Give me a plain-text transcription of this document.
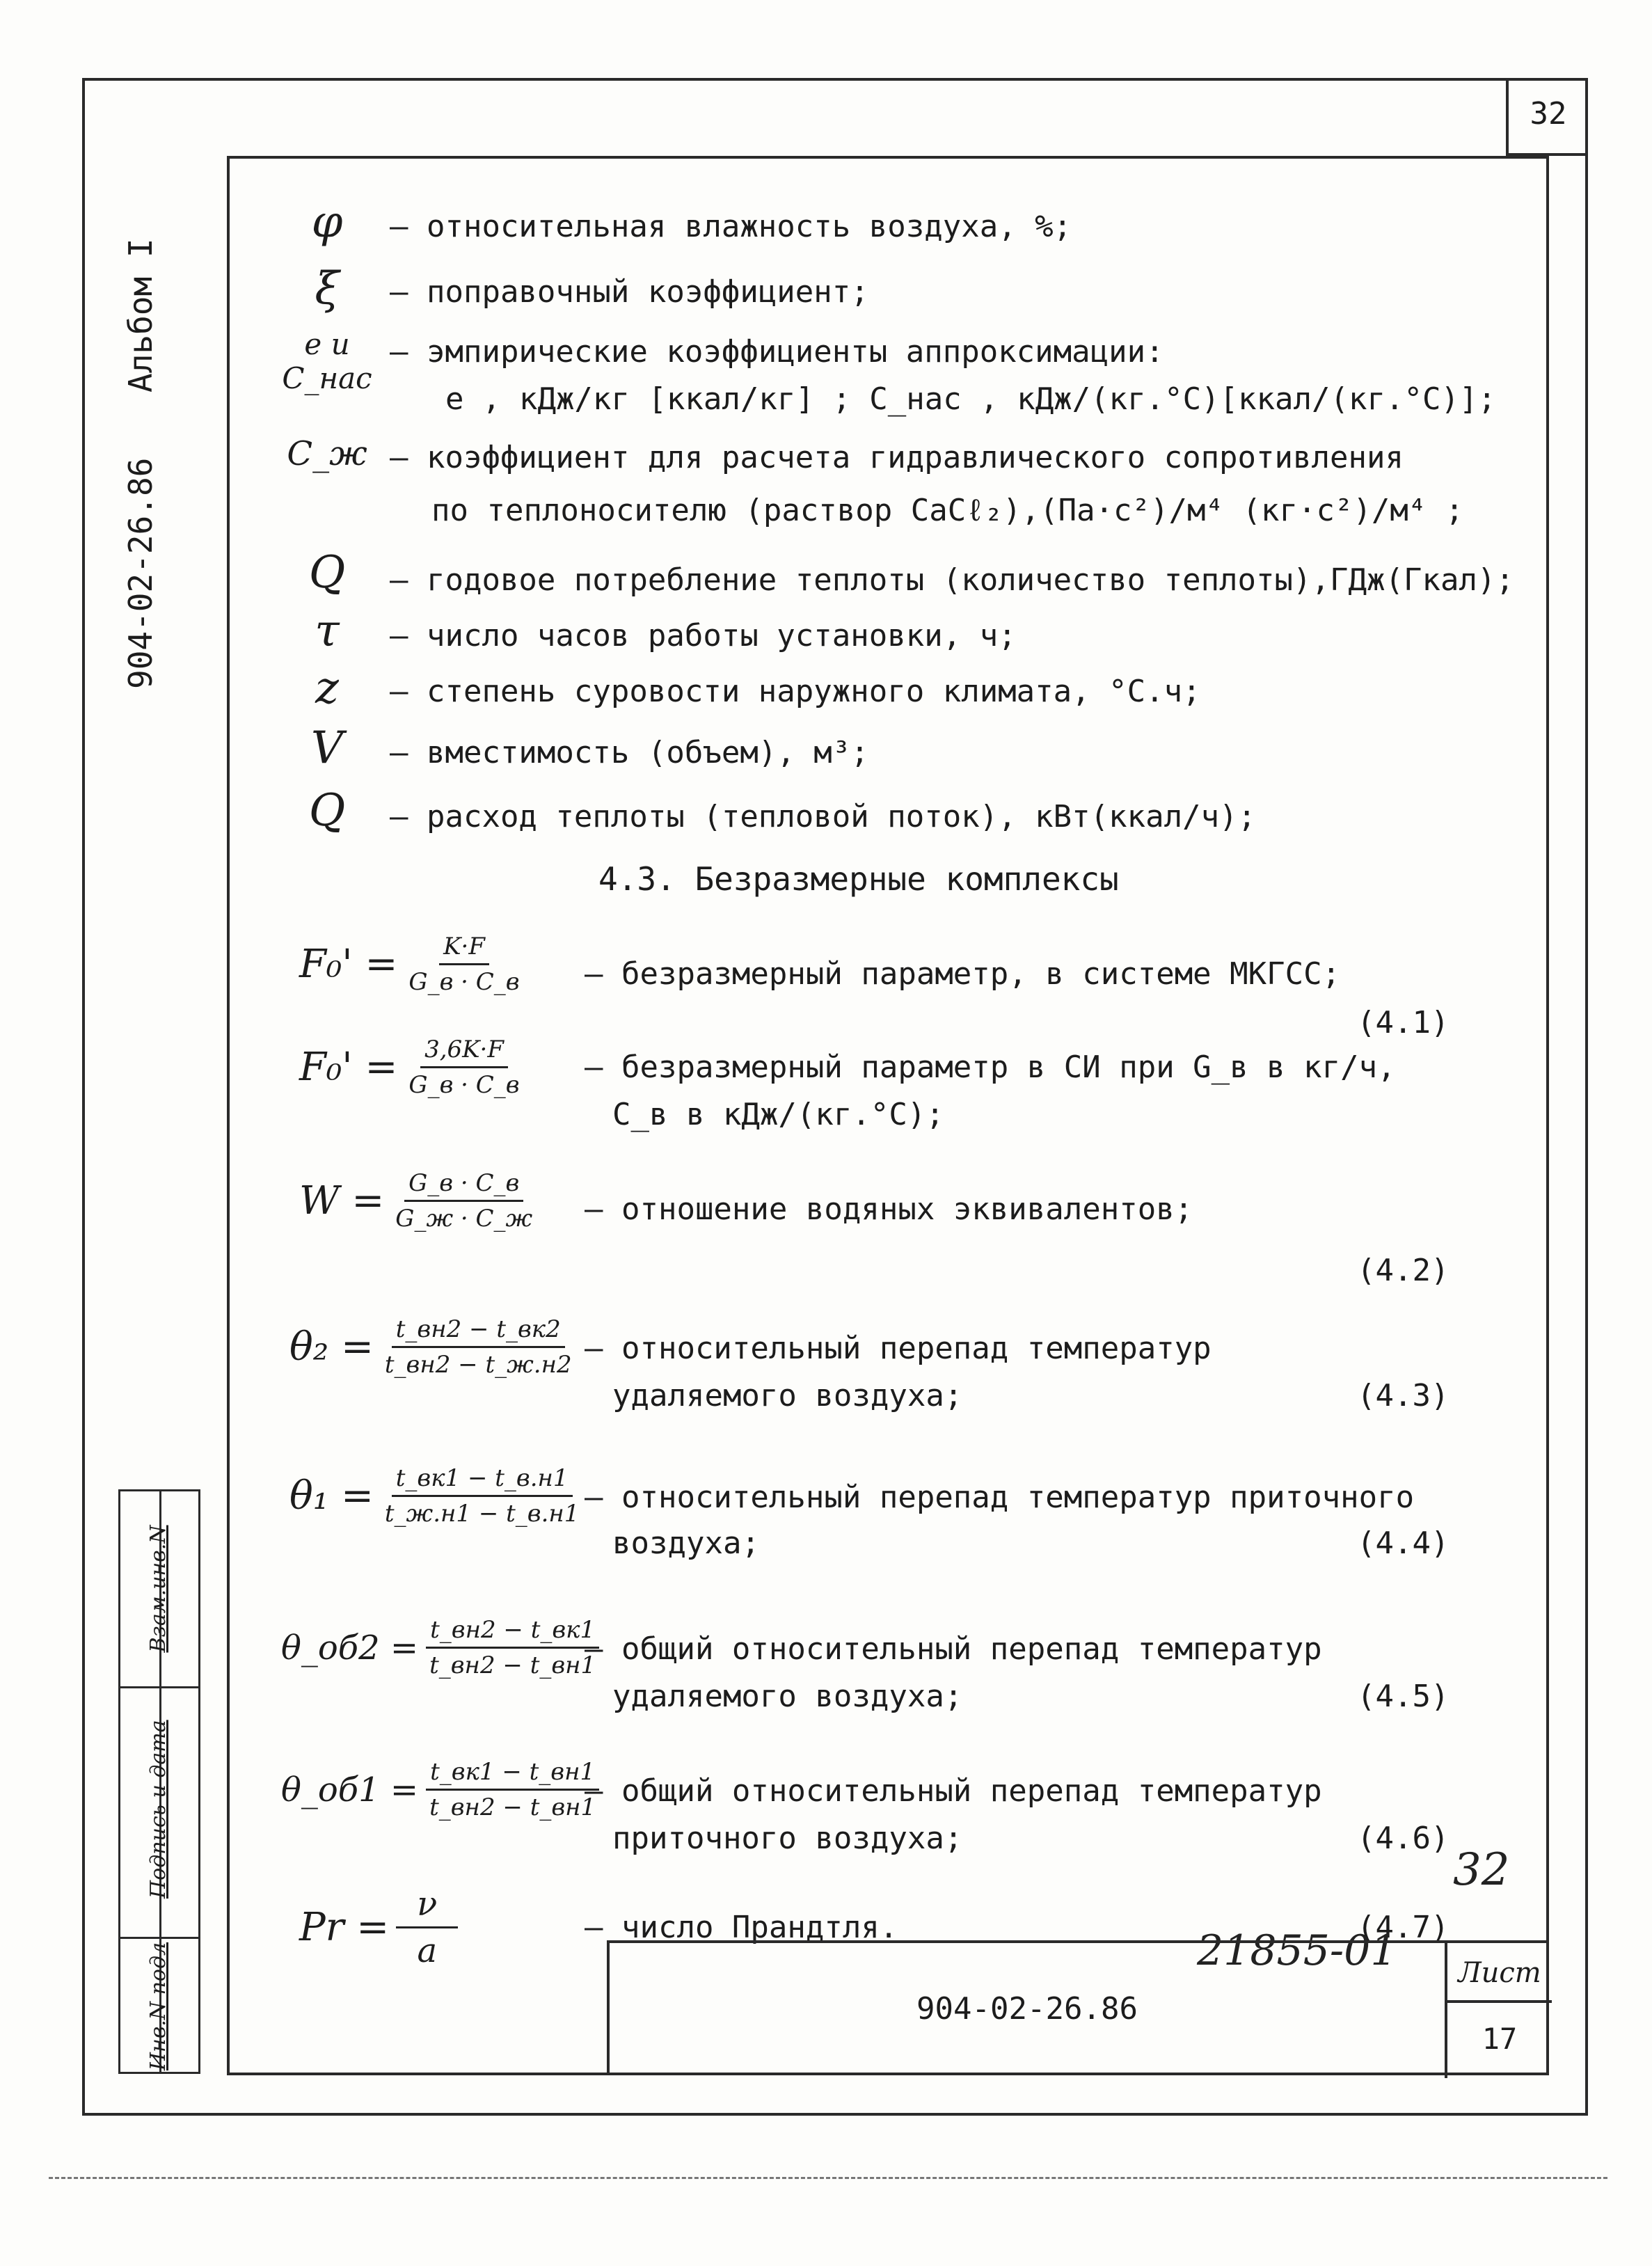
32
Альбом I
904-02-26.86
Взам.инв.N
Подпись и дата
Инв.N подл
φ	– относительная влажность воздуха, %;
ξ	– поправочный коэффициент;
e и C_нас
– эмпирические коэффициенты аппроксимации:
e , кДж/кг [ккал/кг] ; C_нас , кДж/(кг.°С)[ккал/(кг.°С)];
C_ж – коэффициент для расчета гидравлического сопротивления
по теплоносителю (раствор CaCℓ₂),(Па·с²)/м⁴ (кг·с²)/м⁴ ;
Q	– годовое потребление теплоты (количество теплоты),ГДж(Гкал);
τ	– число часов работы установки, ч;
z	– степень суровости наружного климата, °С.ч;
V	– вместимость (объем), м³;
Q	– расход теплоты (тепловой поток), кВт(ккал/ч);
4.3. Безразмерные комплексы
$F_0' = \frac{K\cdot F}{G\_в \cdot C\_в}$ – безразмерный параметр, в системе МКГСС;
(4.1)
$F_0' = \frac{3,6K\cdot F}{G\_в \cdot C\_в}$ – безразмерный параметр в СИ при G_в в кг/ч,
C_в в кДж/(кг.°С);
$W = \frac{G\_в \cdot C\_в}{G\_ж \cdot C\_ж}$ – отношение водяных эквивалентов;
(4.2)
$\theta_2 = \frac{t\_вн2 - t\_вк2}{t\_вн2 - t\_ж.н2}$ – относительный перепад температур
удаляемого воздуха;	(4.3)
$\theta_1 = \frac{t\_вк1 - t\_в.н1}{t\_ж.н1 - t\_в.н1}$ – относительный перепад температур приточного
воздуха;	(4.4)
θ_об2 = $\frac{t\_вн2 - t\_вк1}{t\_вн2 - t\_вн1}$
– общий относительный перепад температур
удаляемого воздуха;	(4.5)
θ_об1 = $\frac{t\_вк1 - t\_вн1}{t\_вн2 - t\_вн1}$
– общий относительный перепад температур
приточного воздуха;	(4.6)
$Pr = \frac{\nu}{a}$	– число Прандтля.	(4.7)
32
21855-01
904-02-26.86
Лист
17
